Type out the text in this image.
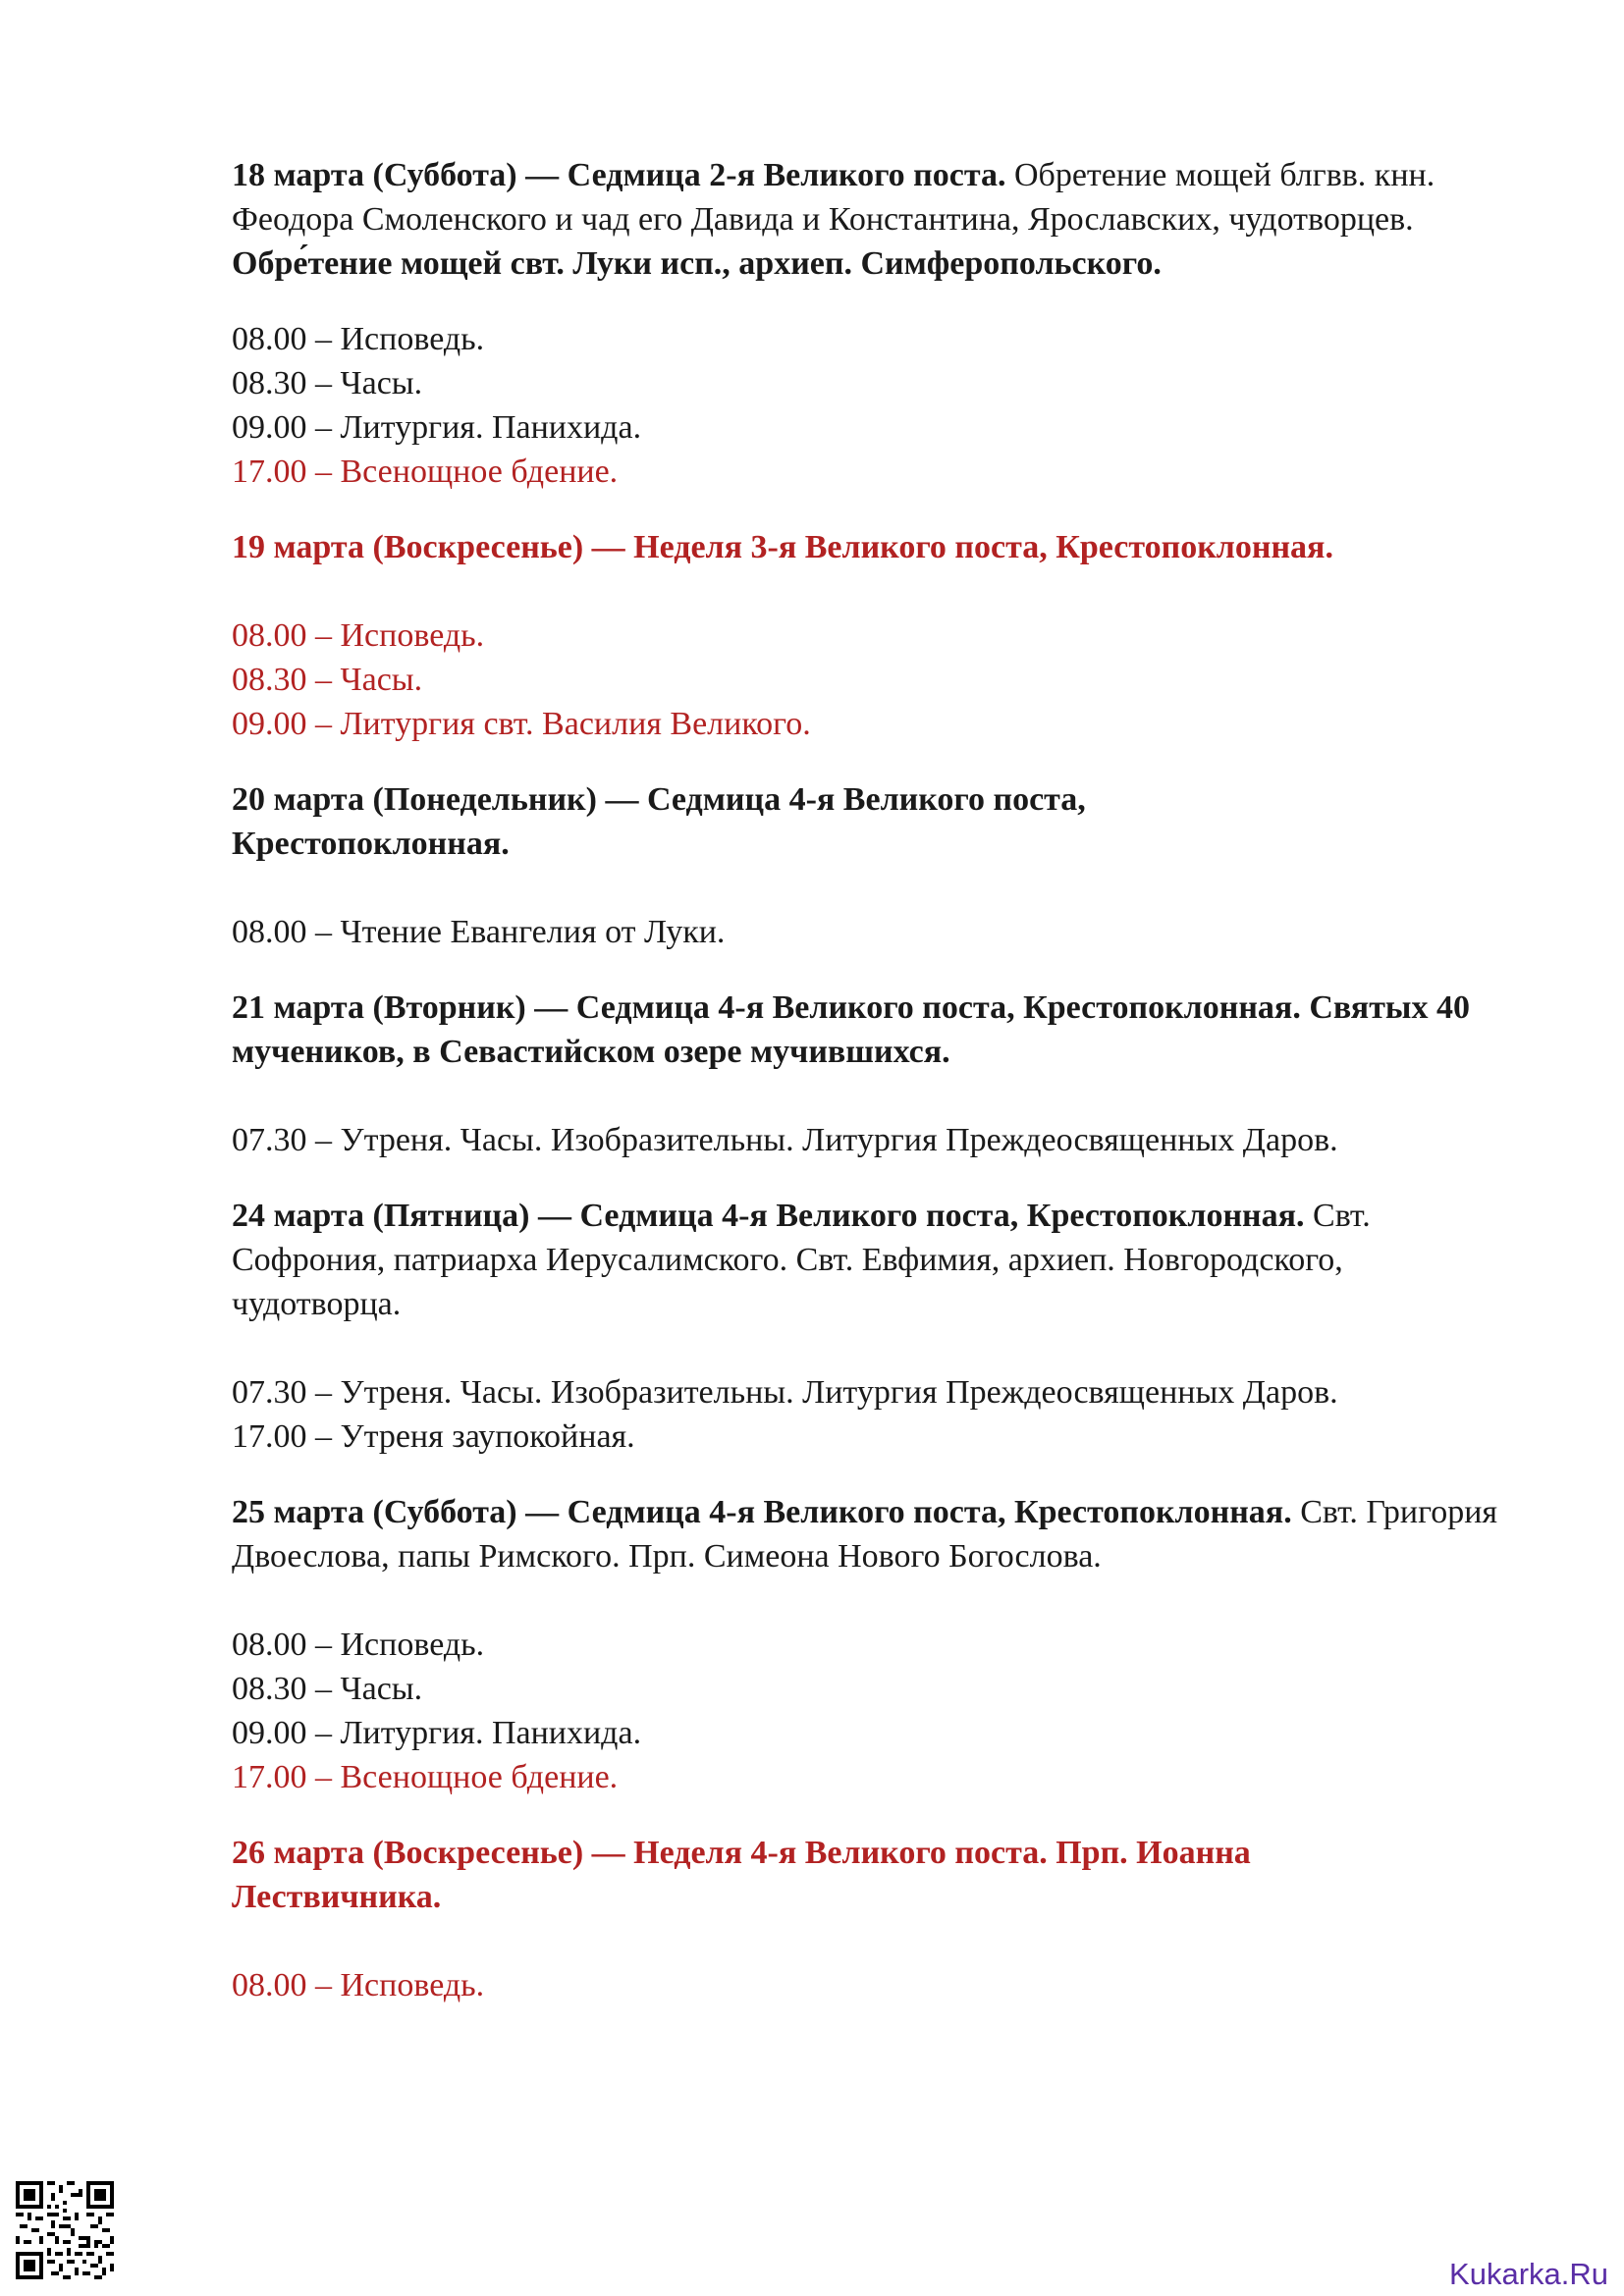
18 марта (Суббота) — Седмица 2-я Великого поста. Обретение мощей блгвв. кнн. Феодора Смоленского и чад его Давида и Константина, Ярославских, чудотворцев. Обре́тение мощей свт. Луки исп., архиеп. Симферопольского.

08.00 – Исповедь.

08.30 – Часы.

09.00 – Литургия. Панихида.

17.00 – Всенощное бдение.

19 марта (Воскресенье) — Неделя 3-я Великого поста, Крестопоклонная.

08.00 – Исповедь.

08.30 – Часы.

09.00 – Литургия свт. Василия Великого.

20 марта (Понедельник) — Седмица 4-я Великого поста, Крестопоклонная.

08.00 – Чтение Евангелия от Луки.

21 марта (Вторник) — Седмица 4-я Великого поста, Крестопоклонная. Святых 40 мучеников, в Севастийском озере мучившихся.

07.30 – Утреня. Часы. Изобразительны. Литургия Преждеосвященных Даров.

24 марта (Пятница) — Седмица 4-я Великого поста, Крестопоклонная. Свт. Софрония, патриарха Иерусалимского. Свт. Евфимия, архиеп. Новгородского, чудотворца.

07.30 – Утреня. Часы. Изобразительны. Литургия Преждеосвященных Даров.

17.00 – Утреня заупокойная.

25 марта (Суббота) — Седмица 4-я Великого поста, Крестопоклонная. Свт. Григория Двоеслова, папы Римского. Прп. Симеона Нового Богослова.

08.00 – Исповедь.

08.30 – Часы.

09.00 – Литургия. Панихида.

17.00 – Всенощное бдение.

26 марта (Воскресенье) — Неделя 4-я Великого поста. Прп. Иоанна Лествичника.

08.00 – Исповедь.

Kukarka.Ru
